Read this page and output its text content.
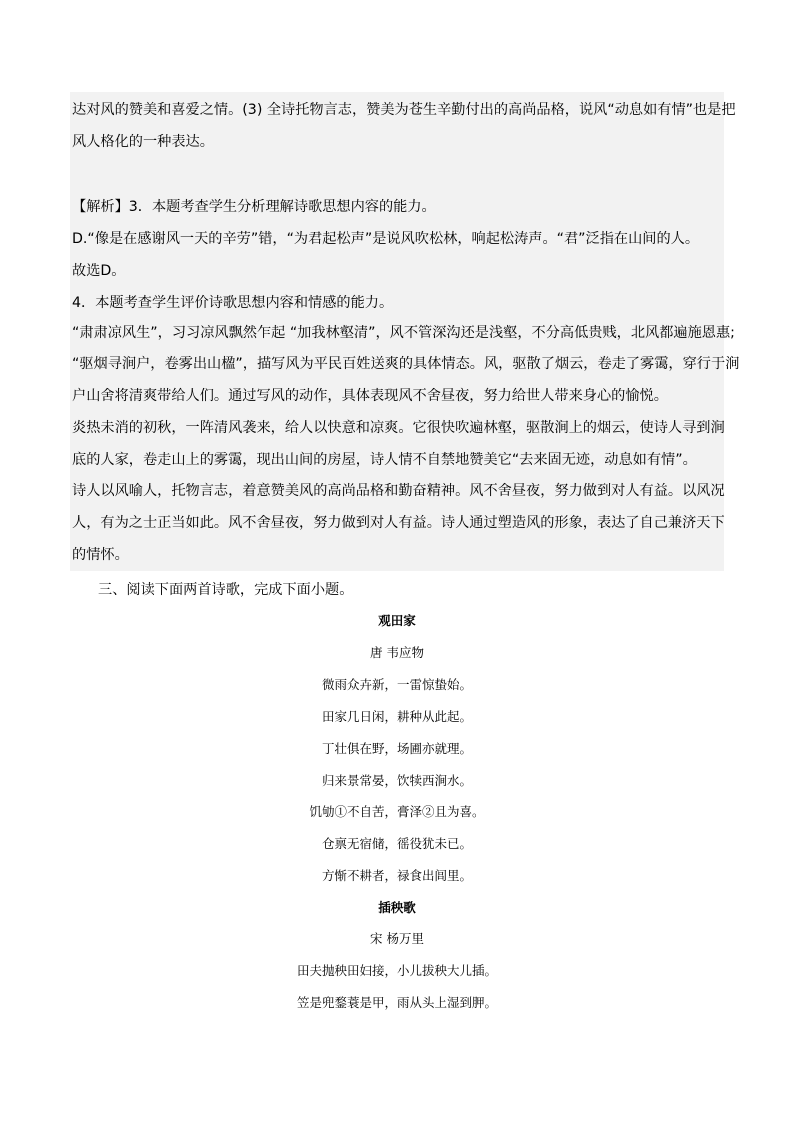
达对风的赞美和喜爱之情。(3) 全诗托物言志，赞美为苍生辛勤付出的高尚品格，说风“动息如有情”也是把
风人格化的一种表达。
【解析】3．本题考查学生分析理解诗歌思想内容的能力。
D.“像是在感谢风一天的辛劳”错，“为君起松声”是说风吹松林，响起松涛声。“君”泛指在山间的人。
故选D。
4．本题考查学生评价诗歌思想内容和情感的能力。
“肃肃凉风生”，习习凉风飘然乍起 “加我林壑清”，风不管深沟还是浅壑，不分高低贵贱，北风都遍施恩惠;
“驱烟寻涧户，卷雾出山楹”，描写风为平民百姓送爽的具体情态。风，驱散了烟云，卷走了雾霭，穿行于涧
户山舍将清爽带给人们。通过写风的动作，具体表现风不舍昼夜，努力给世人带来身心的愉悦。
炎热未消的初秋，一阵清风袭来，给人以快意和凉爽。它很快吹遍林壑，驱散涧上的烟云，使诗人寻到涧
底的人家，卷走山上的雾霭，现出山间的房屋，诗人情不自禁地赞美它“去来固无迹，动息如有情”。
诗人以风喻人，托物言志，着意赞美风的高尚品格和勤奋精神。风不舍昼夜，努力做到对人有益。以风况
人，有为之士正当如此。风不舍昼夜，努力做到对人有益。诗人通过塑造风的形象，表达了自己兼济天下
的情怀。
三、阅读下面两首诗歌，完成下面小题。
观田家
唐 韦应物
微雨众卉新，一雷惊蛰始。
田家几日闲，耕种从此起。
丁壮俱在野，场圃亦就理。
归来景常晏，饮犊西涧水。
饥劬①不自苦，膏泽②且为喜。
仓禀无宿储，徭役犹未已。
方惭不耕者，禄食出闾里。
插秧歌
宋 杨万里
田夫抛秧田妇接，小儿拔秧大儿插。
笠是兜鍪蓑是甲，雨从头上湿到胛。
